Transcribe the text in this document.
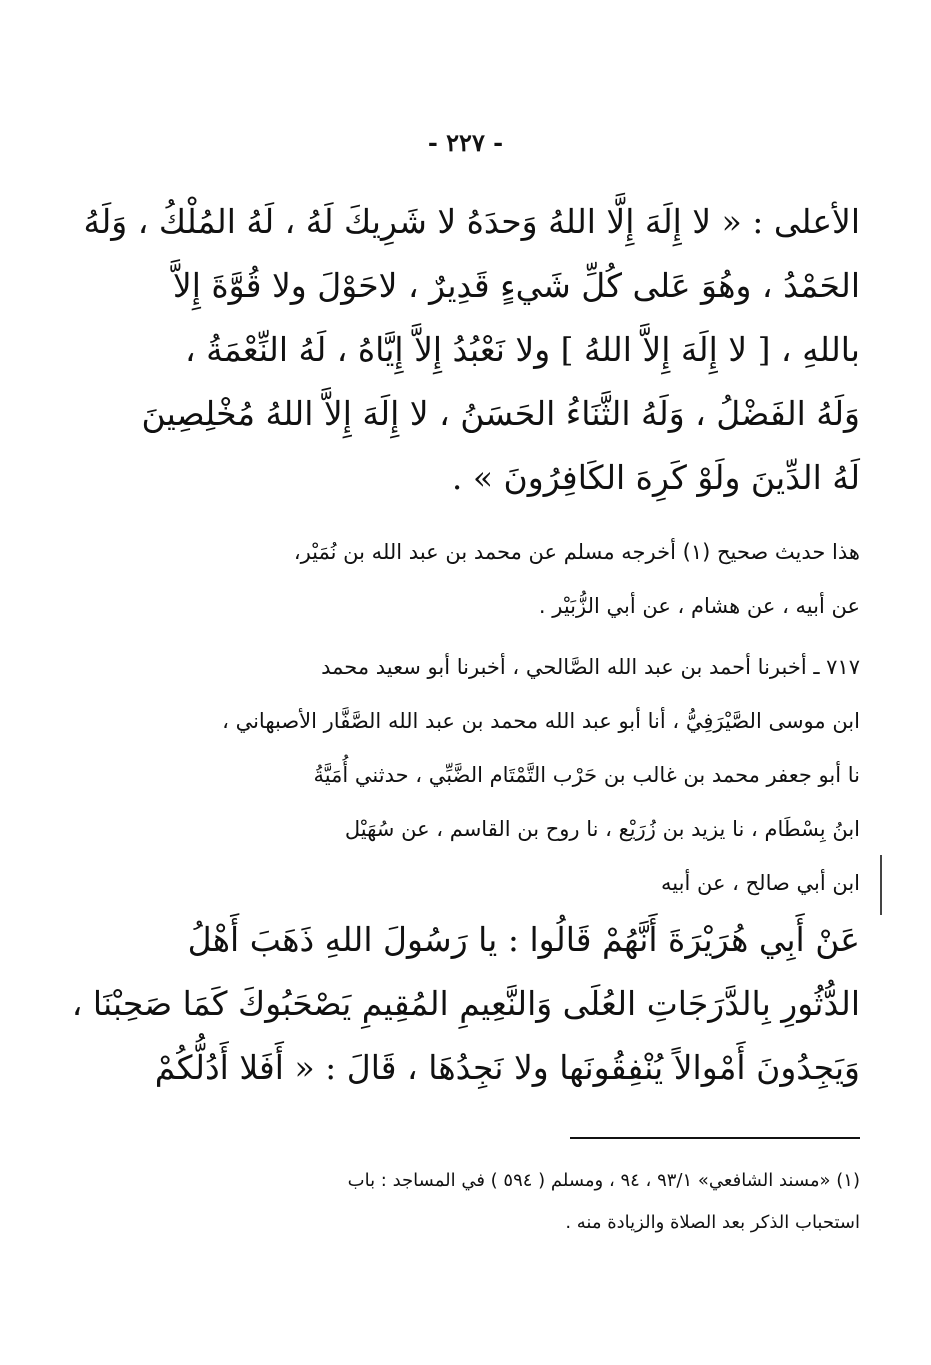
- ٢٢٧ -
الأعلى : « لا إِلَهَ إِلَّا اللهُ وَحدَهُ لا شَرِيكَ لَهُ ، لَهُ المُلْكُ ، وَلَهُ
الحَمْدُ ، وهُوَ عَلى كُلِّ شَيءٍ قَدِيرٌ ، لاحَوْلَ ولا قُوَّةَ إِلاَّ
باللهِ ، [ لا إِلَهَ إِلاَّ اللهُ ] ولا نَعْبُدُ إِلاَّ إِيَّاهُ ، لَهُ النِّعْمَةُ ،
وَلَهُ الفَضْلُ ، وَلَهُ الثَّنَاءُ الحَسَنُ ، لا إِلَهَ إِلاَّ اللهُ مُخْلِصِينَ
لَهُ الدِّينَ ولَوْ كَرِهَ الكَافِرُونَ » .
هذا حديث صحيح (١) أخرجه مسلم عن محمد بن عبد الله بن نُمَيْر،
عن أبيه ، عن هشام ، عن أبي الزُّبَيْر .
٧١٧ ـ أخبرنا أحمد بن عبد الله الصَّالحي ، أخبرنا أبو سعيد محمد
ابن موسى الصَّيْرَفِيُّ ، أنا أبو عبد الله محمد بن عبد الله الصَّفَّار الأصبهاني ،
نا أبو جعفر محمد بن غالب بن حَرْب التَّمْتَام الضَّبِّي ، حدثني أُمَيَّةُ
ابنُ بِسْطَام ، نا يزيد بن زُرَيْع ، نا روح بن القاسم ، عن سُهَيْل
ابن أبي صالح ، عن أبيه
عَنْ أَبِي هُرَيْرَةَ أَنَّهُمْ قَالُوا : يا رَسُولَ اللهِ ذَهَبَ أَهْلُ
الدُّثُورِ بِالدَّرَجَاتِ العُلَى وَالنَّعِيمِ المُقِيمِ يَصْحَبُوكَ كَمَا صَحِبْنَا ،
وَيَجِدُونَ أَمْوالاً يُنْفِقُونَها ولا نَجِدُهَا ، قَالَ : « أَفَلا أَدُلُّكُمْ
(١) «مسند الشافعي» ٩٣/١ ، ٩٤ ، ومسلم ( ٥٩٤ ) في المساجد : باب
استحباب الذكر بعد الصلاة والزيادة منه .
